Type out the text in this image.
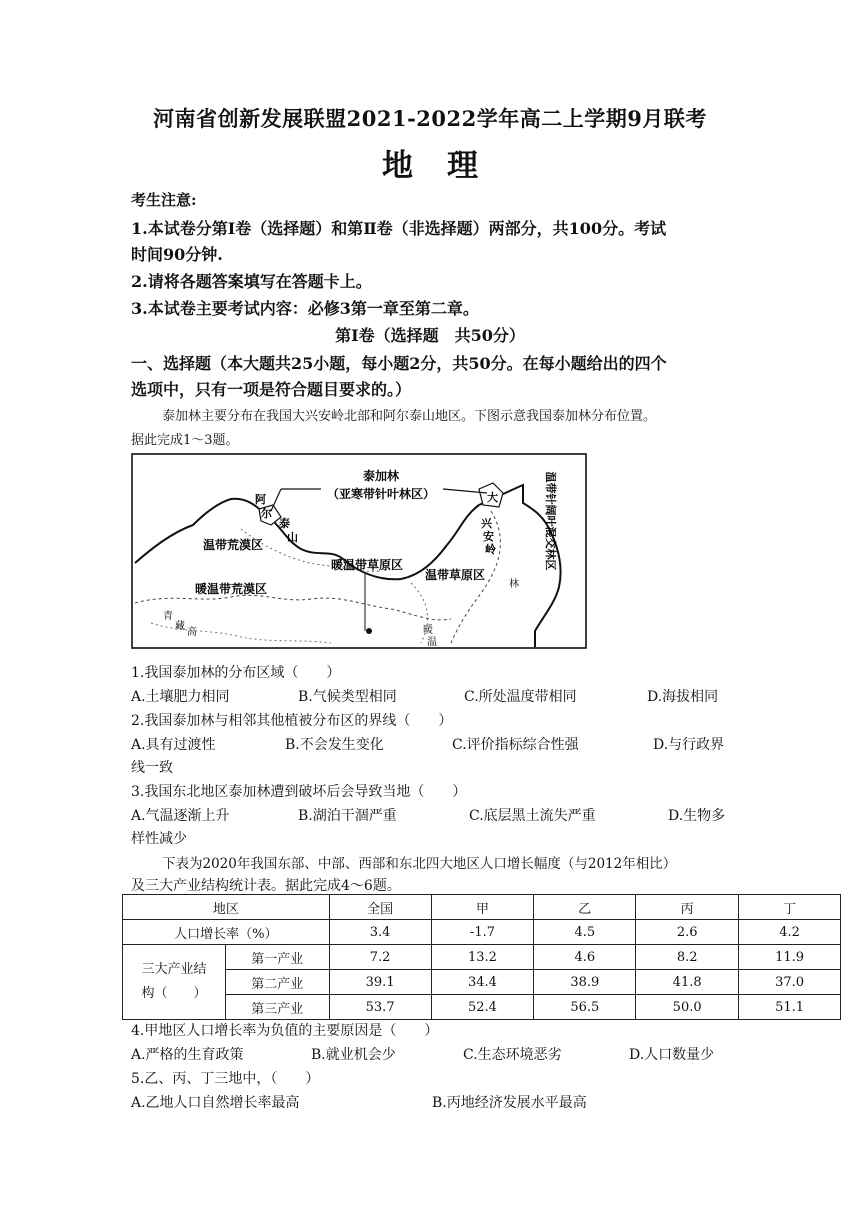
河南省创新发展联盟2021-2022学年高二上学期9月联考
地理
考生注意:
1.本试卷分第Ⅰ卷（选择题）和第Ⅱ卷（非选择题）两部分，共100分。考试
时间90分钟.
2.请将各题答案填写在答题卡上。
3.本试卷主要考试内容：必修3第一章至第二章。
第Ⅰ卷（选择题　共50分）
一、选择题（本大题共25小题，每小题2分，共50分。在每小题给出的四个
选项中，只有一项是符合题目要求的。）
泰加林主要分布在我国大兴安岭北部和阿尔泰山地区。下图示意我国泰加林分布位置。
据此完成1～3题。
泰加林
（亚寒带针叶林区）
阿
尔
泰
山
温带荒漠区
暖温带荒漠区
暖温带草原区
温带草原区
温带针阔叶混交林区
大
兴
安
岭
青
藏
高
林
暖
温
1.我国泰加林的分布区域（　　）
A.土壤肥力相同	B.气候类型相同	C.所处温度带相同	D.海拔相同
2.我国泰加林与相邻其他植被分布区的界线（　　）
A.具有过渡性	B.不会发生变化	C.评价指标综合性强	D.与行政界
线一致
3.我国东北地区泰加林遭到破坏后会导致当地（　　）
A.气温逐渐上升	B.湖泊干涸严重	C.底层黑土流失严重	D.生物多
样性减少
下表为2020年我国东部、中部、西部和东北四大地区人口增长幅度（与2012年相比）
及三大产业结构统计表。据此完成4～6题。
地区		全国	甲	乙	丙	丁
人口增长率（%）		3.4	-1.7	4.5	2.6	4.2
三大产业结
构（　　）	第一产业	7.2	13.2	4.6	8.2	11.9
	第二产业	39.1	34.4	38.9	41.8	37.0
	第三产业	53.7	52.4	56.5	50.0	51.1
4.甲地区人口增长率为负值的主要原因是（　　）
A.严格的生育政策	B.就业机会少	C.生态环境恶劣	D.人口数量少
5.乙、丙、丁三地中，（　　）
A.乙地人口自然增长率最高	B.丙地经济发展水平最高
